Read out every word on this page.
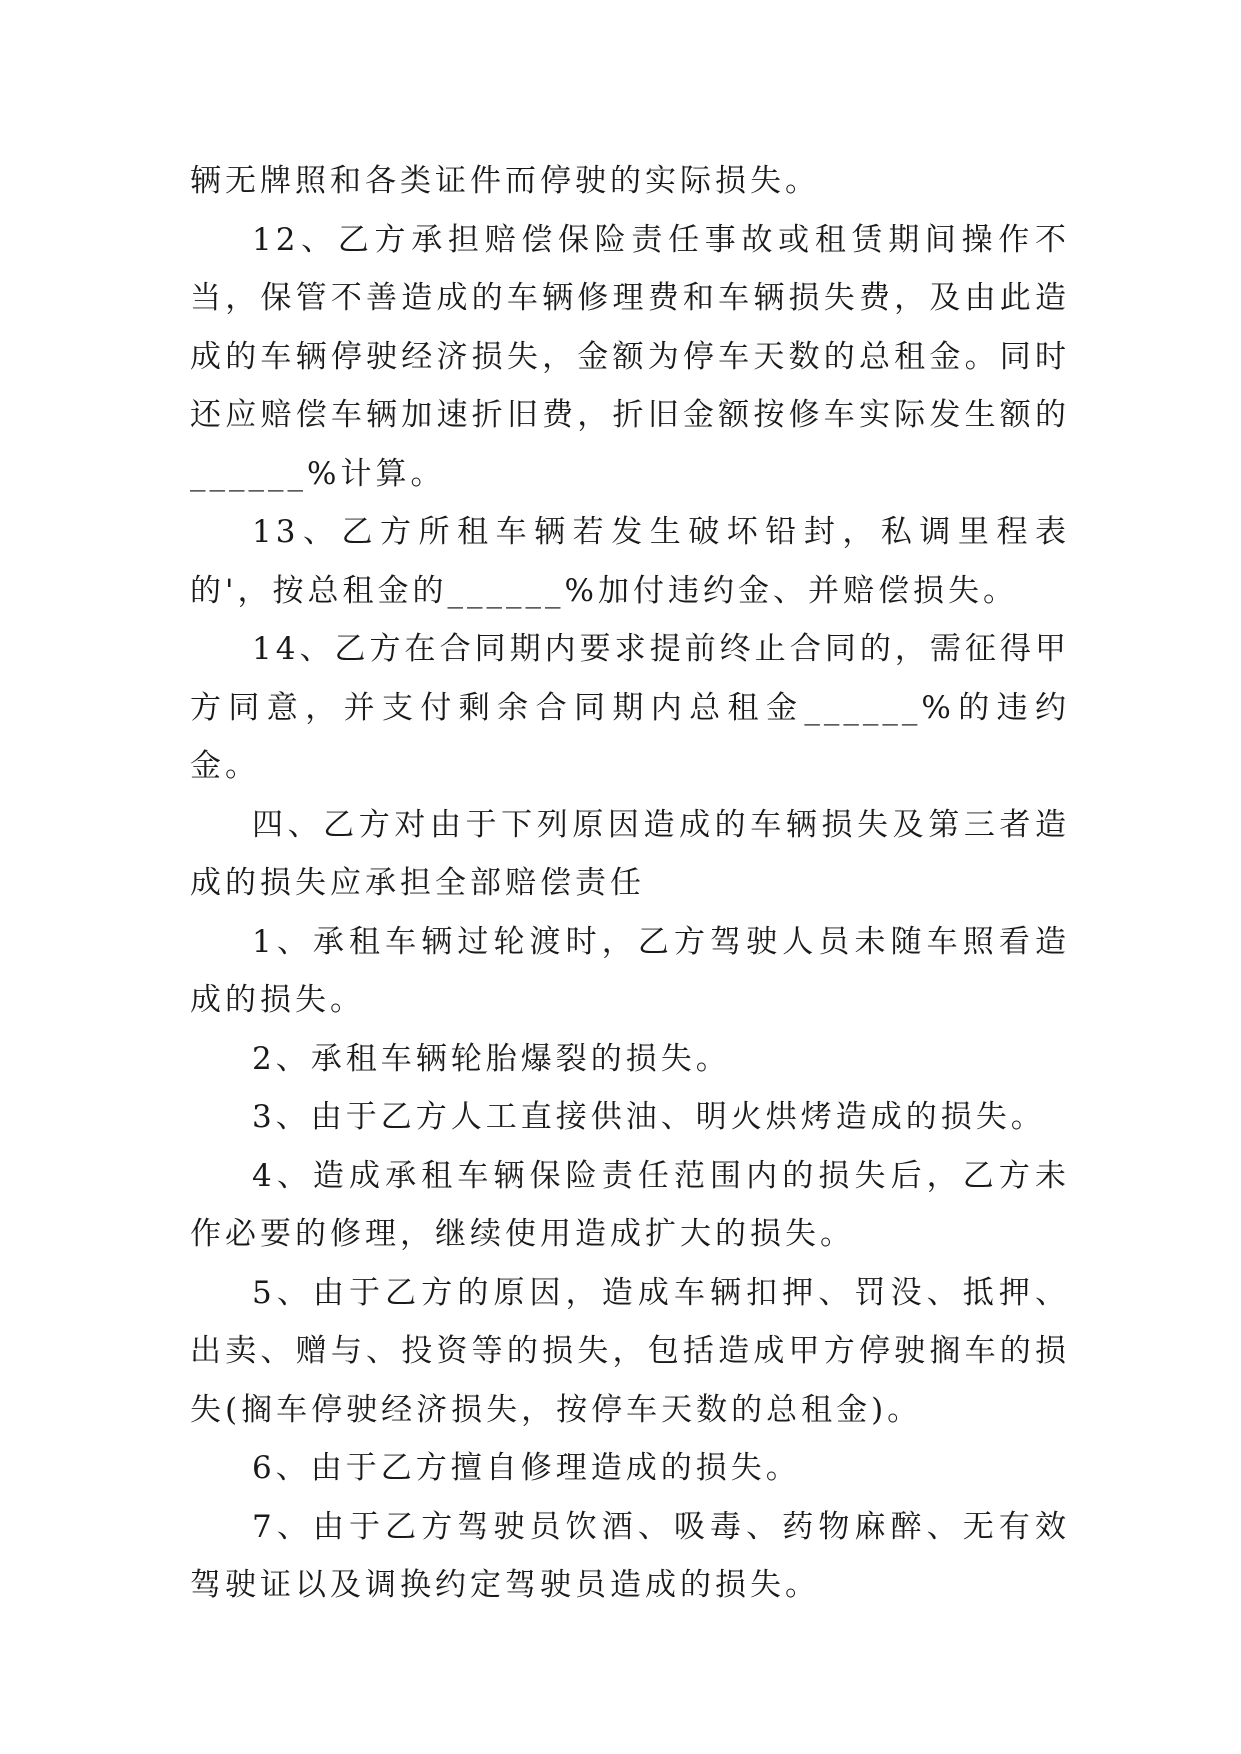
辆无牌照和各类证件而停驶的实际损失。

12、乙方承担赔偿保险责任事故或租赁期间操作不当，保管不善造成的车辆修理费和车辆损失费，及由此造成的车辆停驶经济损失，金额为停车天数的总租金。同时还应赔偿车辆加速折旧费，折旧金额按修车实际发生额的______%计算。

13、乙方所租车辆若发生破坏铅封，私调里程表的'，按总租金的______%加付违约金、并赔偿损失。

14、乙方在合同期内要求提前终止合同的，需征得甲方同意，并支付剩余合同期内总租金______%的违约金。

四、乙方对由于下列原因造成的车辆损失及第三者造成的损失应承担全部赔偿责任

1、承租车辆过轮渡时，乙方驾驶人员未随车照看造成的损失。

2、承租车辆轮胎爆裂的损失。

3、由于乙方人工直接供油、明火烘烤造成的损失。

4、造成承租车辆保险责任范围内的损失后，乙方未作必要的修理，继续使用造成扩大的损失。

5、由于乙方的原因，造成车辆扣押、罚没、抵押、出卖、赠与、投资等的损失，包括造成甲方停驶搁车的损失(搁车停驶经济损失，按停车天数的总租金)。

6、由于乙方擅自修理造成的损失。

7、由于乙方驾驶员饮酒、吸毒、药物麻醉、无有效驾驶证以及调换约定驾驶员造成的损失。
